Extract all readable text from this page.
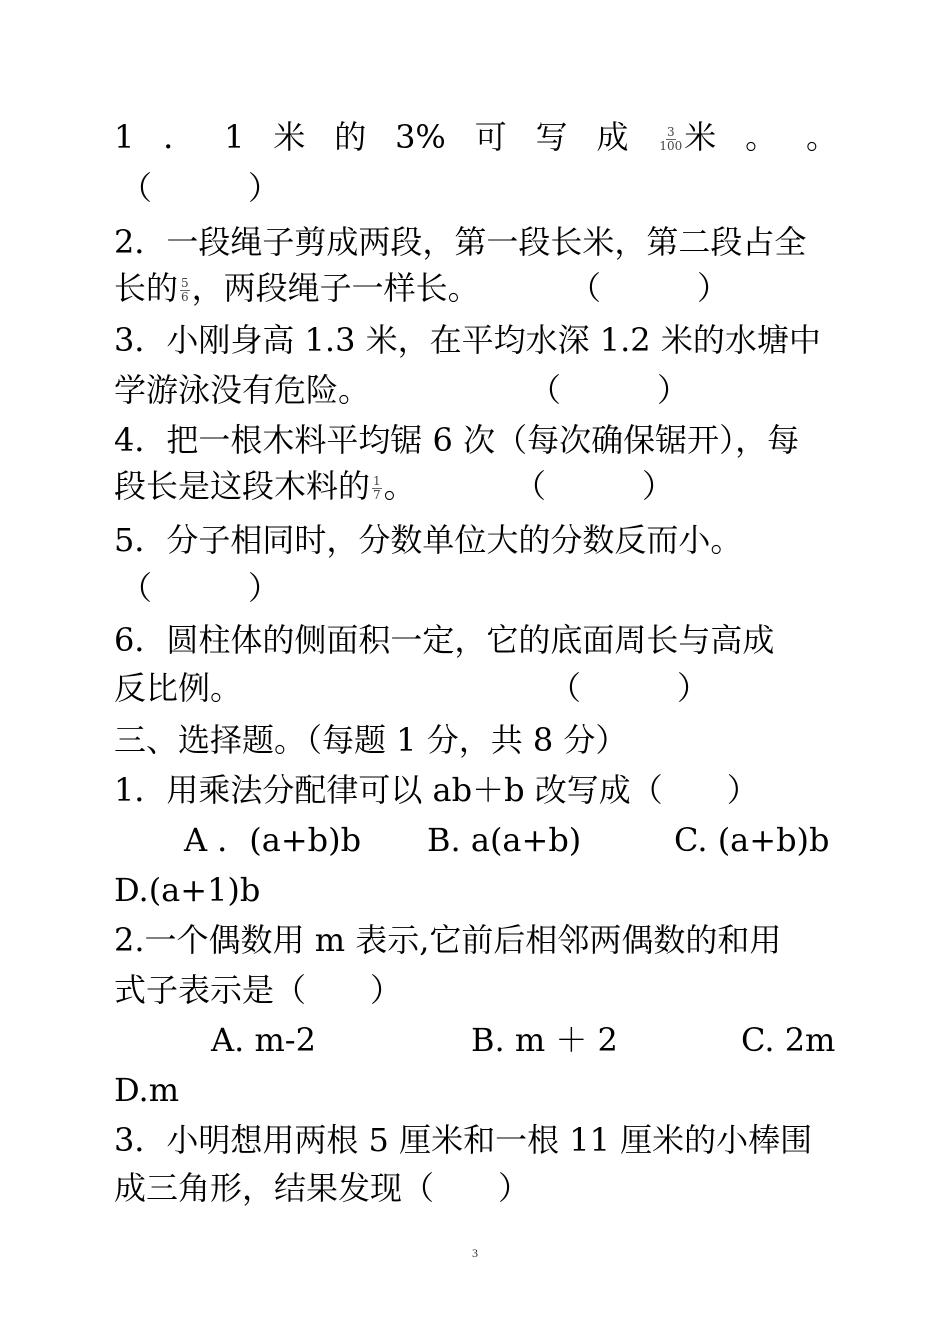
1 ． 1 米 的 3% 可 写 成	$\frac{3}{100}$ 米 。 。
（　　　）
2．一段绳子剪成两段，第一段长米，第二段占全
长的 $\frac{5}{6}$ ，两段绳子一样长。	（　　　）
3．小刚身高 1.3 米，在平均水深 1.2 米的水塘中
学游泳没有危险。	（　　　）
4．把一根木料平均锯 6 次（每次确保锯开），每
段长是这段木料的 $\frac{1}{7}$ 。	（　　　）
5．分子相同时，分数单位大的分数反而小。
（　　　）
6．圆柱体的侧面积一定，它的底面周长与高成
反比例。	（　　　）
三、选择题。（每题 1 分，共 8 分）
1．用乘法分配律可以 ab＋b 改写成（　　）
A ．(a+b)b B. a(a+b)	C. (a+b)b
D.(a+1)b
2.一个偶数用 m 表示,它前后相邻两偶数的和用
式子表示是（　　）
A. m-2	B. m ＋ 2	C. 2m
D.m
3．小明想用两根 5 厘米和一根 11 厘米的小棒围
成三角形，结果发现（　　）
3
